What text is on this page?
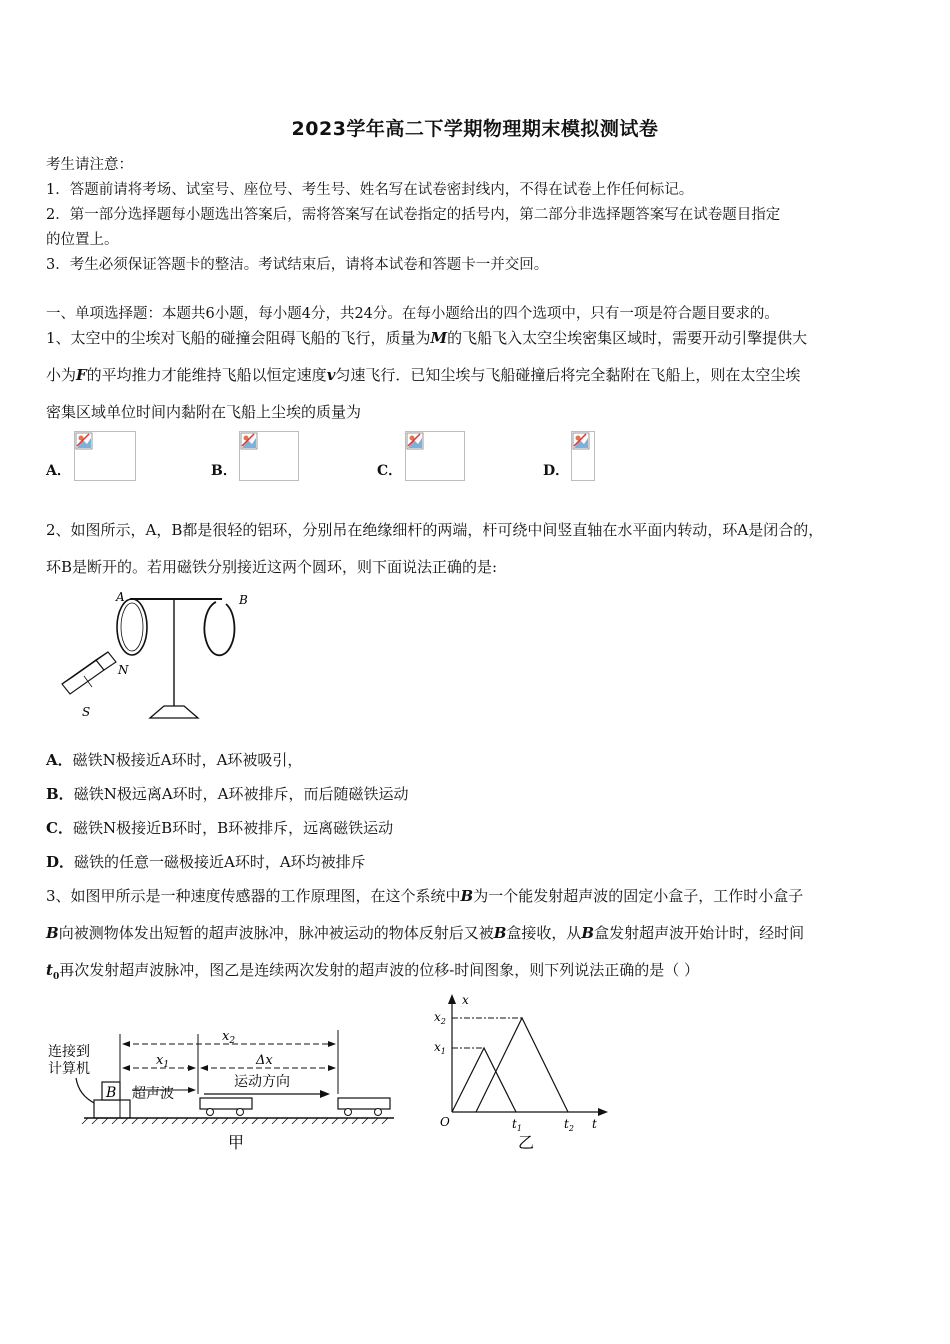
2023学年高二下学期物理期末模拟测试卷
考生请注意：
1．答题前请将考场、试室号、座位号、考生号、姓名写在试卷密封线内，不得在试卷上作任何标记。
2．第一部分选择题每小题选出答案后，需将答案写在试卷指定的括号内，第二部分非选择题答案写在试卷题目指定
的位置上。
3．考生必须保证答题卡的整洁。考试结束后，请将本试卷和答题卡一并交回。
一、单项选择题：本题共6小题，每小题4分，共24分。在每小题给出的四个选项中，只有一项是符合题目要求的。
1、太空中的尘埃对飞船的碰撞会阻碍飞船的飞行，质量为M的飞船飞入太空尘埃密集区域时，需要开动引擎提供大
小为F的平均推力才能维持飞船以恒定速度v匀速飞行．已知尘埃与飞船碰撞后将完全黏附在飞船上，则在太空尘埃
密集区域单位时间内黏附在飞船上尘埃的质量为
A．	B．	C．	D．
2、如图所示，A，B都是很轻的铝环，分别吊在绝缘细杆的两端，杆可绕中间竖直轴在水平面内转动，环A是闭合的，
环B是断开的。若用磁铁分别接近这两个圆环，则下面说法正确的是:
A	B
N
S
A．磁铁N极接近A环时，A环被吸引，
B．磁铁N极远离A环时，A环被排斥，而后随磁铁运动
C．磁铁N极接近B环时，B环被排斥，远离磁铁运动
D．磁铁的任意一磁极接近A环时，A环均被排斥
3、如图甲所示是一种速度传感器的工作原理图，在这个系统中B为一个能发射超声波的固定小盒子，工作时小盒子
B向被测物体发出短暂的超声波脉冲，脉冲被运动的物体反射后又被B盒接收，从B盒发射超声波开始计时，经时间
$t_0$再次发射超声波脉冲，图乙是连续两次发射的超声波的位移-时间图象，则下列说法正确的是（ ）
连接到
计算机
B
$x_2$
$x_1$	Δx
运动方向
超声波
甲
x
$x_2$
$x_1$
O	$t_1$	$t_2$ t
乙
